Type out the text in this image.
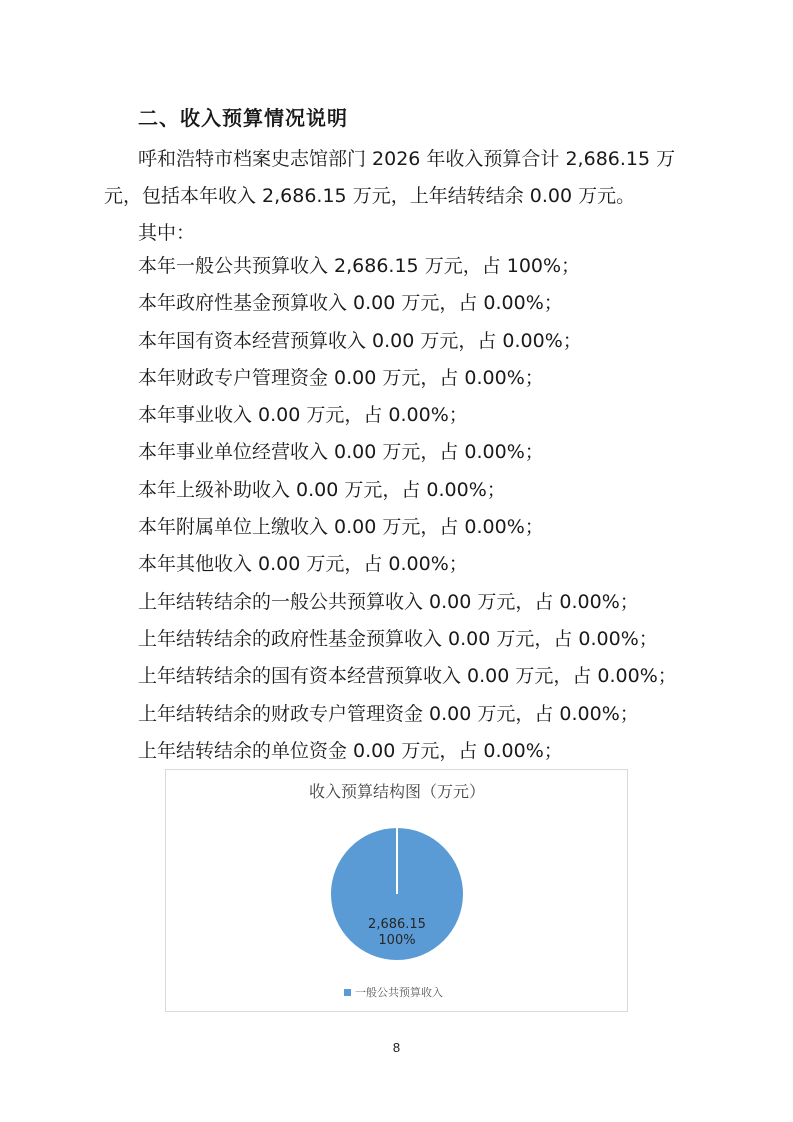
二、收入预算情况说明
呼和浩特市档案史志馆部门 2026 年收入预算合计 2,686.15 万
元，包括本年收入 2,686.15 万元，上年结转结余 0.00 万元。
其中：
本年一般公共预算收入 2,686.15 万元，占 100%；
本年政府性基金预算收入 0.00 万元，占 0.00%；
本年国有资本经营预算收入 0.00 万元，占 0.00%；
本年财政专户管理资金 0.00 万元，占 0.00%；
本年事业收入 0.00 万元，占 0.00%；
本年事业单位经营收入 0.00 万元，占 0.00%；
本年上级补助收入 0.00 万元，占 0.00%；
本年附属单位上缴收入 0.00 万元，占 0.00%；
本年其他收入 0.00 万元，占 0.00%；
上年结转结余的一般公共预算收入 0.00 万元，占 0.00%；
上年结转结余的政府性基金预算收入 0.00 万元，占 0.00%；
上年结转结余的国有资本经营预算收入 0.00 万元，占 0.00%；
上年结转结余的财政专户管理资金 0.00 万元，占 0.00%；
上年结转结余的单位资金 0.00 万元，占 0.00%；
收入预算结构图（万元）
2,686.15
100%
一般公共预算收入
8
